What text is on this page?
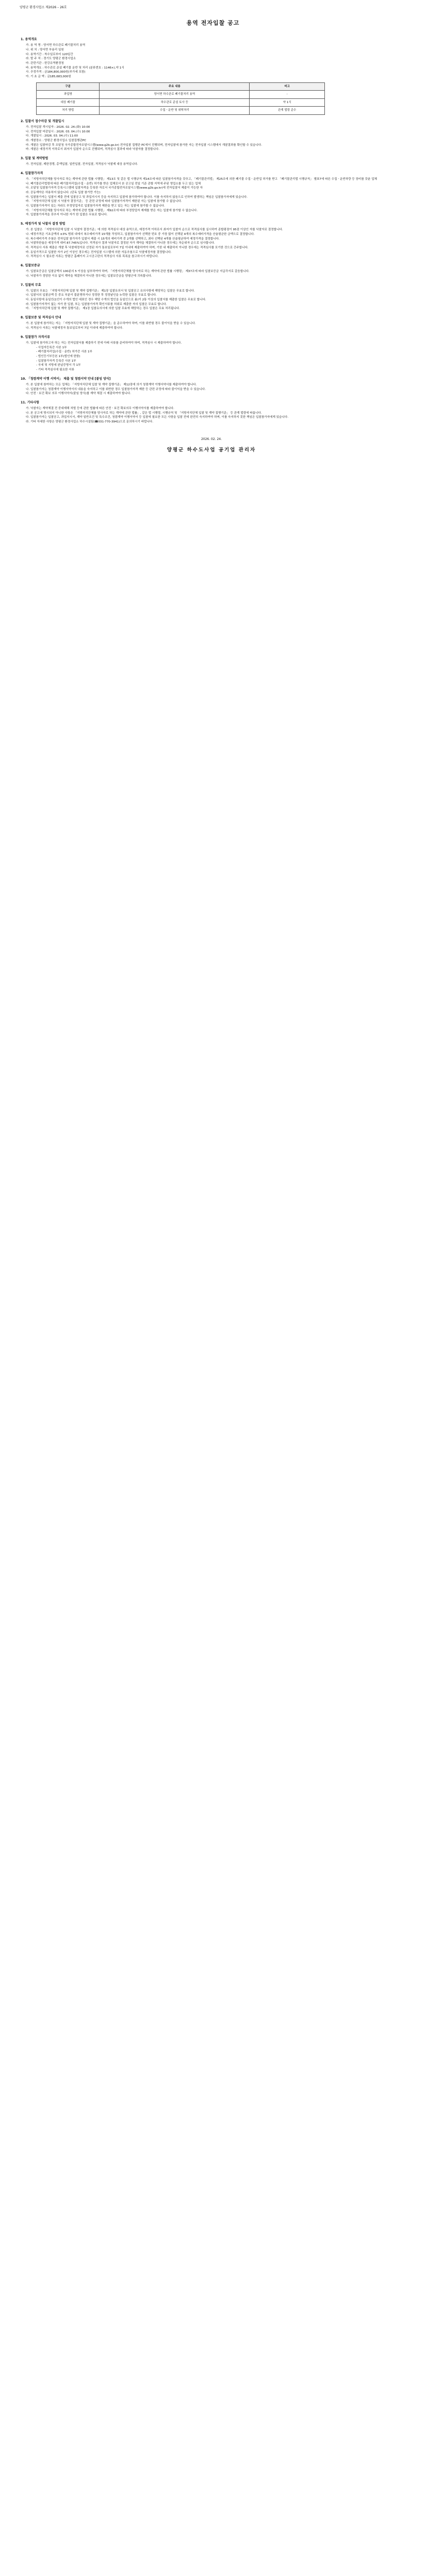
양평군 환경사업소 제2026 – 26호
용역 전자입찰 공고
1. 용역개요

가. 용 역 명 : 양서면 하수관로 폐기물처리 용역

나. 위 치 : 양서면 부용리 일원

다. 용역기간 : 착수일로부터 120일간

라. 발 주 처 : 경기도 양평군 환경사업소

마. 관련기관 : 한강유역환경청

바. 용역개요 : 하수관로 준설 폐기물 운반 및 처리 (분류번호 : 1146×),약 1식

사. 추정가격 : 금184,800,000원(부가세 포함)

아. 기 초 금 액 : 금185,683,000원

구분	주요 내용	비고
과업명	양서면 하수관로 폐기물처리 용역	-
대상 폐기물	하수관로 준설 토사 등	약 1식
처리 방법	수집ㆍ운반 및 위탁처리	관계 법령 준수
2. 입찰서 접수마감 및 개찰일시

가. 전자입찰 개시일자 : 2026. 02. 24.(화) 10:00

나. 전자입찰 마감일시 : 2026. 03. 04.(수) 10:00

다. 개찰일시 : 2026. 03. 04.(수) 11:00

라. 개찰장소 : 양평군 환경사업소 입찰집행관PC

마. 개찰은 입찰마감 후 조달청 국가종합전자조달시스템(www.g2b.go.kr) 전자입찰 집행관 PC에서 진행되며, 전자입찰에 참가한 자는 전자입찰 시스템에서 개찰결과를 확인할 수 있습니다.

바. 개찰은 예정가격 이하로서 최저가 입찰자 순으로 진행되며, 적격심사 결과에 따라 낙찰자를 결정합니다.

3. 입찰 및 계약방법

가. 전자입찰, 제한경쟁, 총액입찰, 일반입찰, 전자입찰, 적격심사 낙찰제 대상 용역입니다.

4. 입찰참가자격

가. 「지방자치단체를 당사자로 하는 계약에 관한 법률 시행령」 제13조 및 같은 법 시행규칙 제14조에 따른 입찰참가자격을 갖추고, 「폐기물관리법」 제25조에 의한 폐기물 수집ㆍ운반업 허가를 받고 「폐기물관리법 시행규칙」 별표7에 따른 수집ㆍ운반차량 등 장비를 갖춘 업체

나. 폐기물관리법령에 따른 폐기물처리업(수집ㆍ운반) 허가를 받은 업체로서 본 공고일 전일 기준 관할 지역에 주된 영업소를 두고 있는 업체

다. 조달청 입찰참가자격 등록시스템에 입찰자격을 등록한 자로서 국가종합전자조달시스템(www.g2b.go.kr)에 전자입찰서 제출이 가능한 자

라. 공동계약은 허용하지 않습니다. (단독 입찰 참가만 가능)

마. 입찰참가자는 입찰서 제출 전에 입찰공고 및 과업지시서 등을 숙지하고 입찰에 참가하여야 합니다. 이를 숙지하지 않음으로 인하여 발생하는 책임은 입찰참가자에게 있습니다.

바. 「지방자치단체 입찰 시 낙찰자 결정기준」 등 관련 규정에 따라 입찰참가자격이 제한된 자는 입찰에 참가할 수 없습니다.

사. 입찰참가자격이 있는 자라도 부정당업자로 입찰참가자격 제한을 받고 있는 자는 입찰에 참가할 수 없습니다.

아. 「지방자치단체를 당사자로 하는 계약에 관한 법률 시행령」 제92조에 따라 부정당업자 제재를 받은 자는 입찰에 참가할 수 없습니다.

자. 입찰참가자격을 갖추지 아니한 자가 한 입찰은 무효로 합니다.

5. 예정가격 및 낙찰자 결정 방법

가. 본 입찰은 「지방자치단체 입찰 시 낙찰자 결정기준」에 의한 적격심사 대상 용역으로, 예정가격 이하로서 최저가 입찰자 순으로 적격심사를 실시하여 종합평점이 95점 이상인 자를 낙찰자로 결정합니다.

나. 예정가격은 기초금액의 ±3% 범위 내에서 복수예비가격 15개를 작성하고, 입찰참가자가 선택한 번호 중 가장 많이 선택된 4개의 복수예비가격을 산술평균한 금액으로 결정합니다.

다. 복수예비가격 추첨은 전자입찰 참가자가 입찰서 제출 시 15개의 예비가격 중 2개를 선택하고, 최다 선택된 4개를 산술평균하여 예정가격을 결정합니다.

라. 낙찰하한율은 예정가격 대비 87.745%입니다. 적격심사 결과 낙찰자로 결정된 자가 계약을 체결하지 아니한 경우에는 차순위자 순으로 심사합니다.

마. 적격심사 서류 제출은 개찰 후 낙찰예정자로 선정된 자가 통보일로부터 7일 이내에 제출하여야 하며, 기한 내 제출하지 아니한 경우에는 적격심사를 포기한 것으로 간주합니다.

바. 동일가격으로 입찰한 자가 2인 이상인 경우에는 전자입찰 시스템에 의한 자동추첨으로 낙찰예정자를 결정합니다.

사. 적격심사 시 필요한 서류는 양평군 홈페이지 고시공고란의 적격심사 서류 목록을 참고하시기 바랍니다.

6. 입찰보증금

가. 입찰보증금은 입찰금액의 100분의 5 이상을 납부하여야 하며, 「지방자치단체를 당사자로 하는 계약에 관한 법률 시행령」 제37조에 따라 입찰보증금 지급각서로 갈음합니다.

나. 낙찰자가 정당한 이유 없이 계약을 체결하지 아니한 경우에는 입찰보증금을 양평군에 귀속합니다.

7. 입찰의 무효

가. 입찰의 무효는 「지방자치단체 입찰 및 계약 집행기준」 제1장 입찰유의서 및 입찰공고 유의사항에 해당하는 입찰은 무효로 합니다.

나. 입찰서의 입찰금액 등 중요 부분이 불분명하거나 정정한 후 정정날인을 누락한 입찰은 무효로 합니다.

다. 동일사항에 동일인(1인이 수개의 법인 대표인 경우 해당 수개의 법인을 동일인으로 봄)이 2통 이상의 입찰서를 제출한 입찰은 무효로 합니다.

라. 입찰참가자격이 없는 자가 한 입찰, 또는 입찰참가자격 확인서류를 허위로 제출한 자의 입찰은 무효로 합니다.

마. 「지방자치단체 입찰 및 계약 집행기준」 제1장 입찰유의서에 의한 입찰 무효에 해당하는 경우 입찰은 무효 처리됩니다.

8. 입찰보증 및 적격심사 안내

가. 본 입찰에 참가하는 자는 「지방자치단체 입찰 및 계약 집행기준」을 준수하여야 하며, 이를 위반할 경우 불이익을 받을 수 있습니다.

나. 적격심사 서류는 낙찰예정자 통보일로부터 7일 이내에 제출하여야 합니다.

9. 입찰참가 자격서류

가. 입찰에 참가하고자 하는 자는 전자입찰서를 제출하기 전에 아래 서류를 준비하여야 하며, 적격심사 시 제출하여야 합니다.

- 사업자등록증 사본 1부

- 폐기물처리업(수집ㆍ운반) 허가증 사본 1부

- 법인등기부등본 1부(법인에 한함)

- 입찰참가자격 등록증 사본 1부

- 국세 및 지방세 완납증명서 각 1부

- 기타 적격심사에 필요한 서류

10. 「청렴계약 이행 서약서」 제출 및 청렴서약 안내 [붙임 양식]

가. 본 입찰에 참여하는 모든 업체는 「지방자치단체 입찰 및 계약 집행기준」 제12장에 의거 청렴계약 이행서약서를 제출하여야 합니다.

나. 입찰참가자는 청렴계약 이행서약서의 내용을 숙지하고 이를 위반한 경우 입찰참가자격 제한 등 관련 규정에 따라 불이익을 받을 수 있습니다.

다. 안전ㆍ보건 확보 의무 이행서약서(붙임 양식)를 계약 체결 시 제출하여야 합니다.

11. 기타사항

가. 낙찰자는 계약체결 전 중대재해 처벌 등에 관한 법률에 따른 안전ㆍ보건 확보의무 이행서약서를 제출하여야 합니다.

나. 본 공고에 명시되지 아니한 사항은 「지방자치단체를 당사자로 하는 계약에 관한 법률」, 같은 법 시행령, 시행규칙 및 「지방자치단체 입찰 및 계약 집행기준」 등 관계 법령에 따릅니다.

다. 입찰참가자는 입찰공고, 과업지시서, 계약 일반조건 및 특수조건, 청렴계약 이행서약서 등 입찰에 필요한 모든 사항을 입찰 전에 완전히 숙지하여야 하며, 이를 숙지하지 못한 책임은 입찰참가자에게 있습니다.

라. 기타 자세한 사항은 양평군 환경사업소 하수시설팀(☎031-770-3941)으로 문의하시기 바랍니다.

2026. 02. 24.
양평군 하수도사업 공기업 관리자
